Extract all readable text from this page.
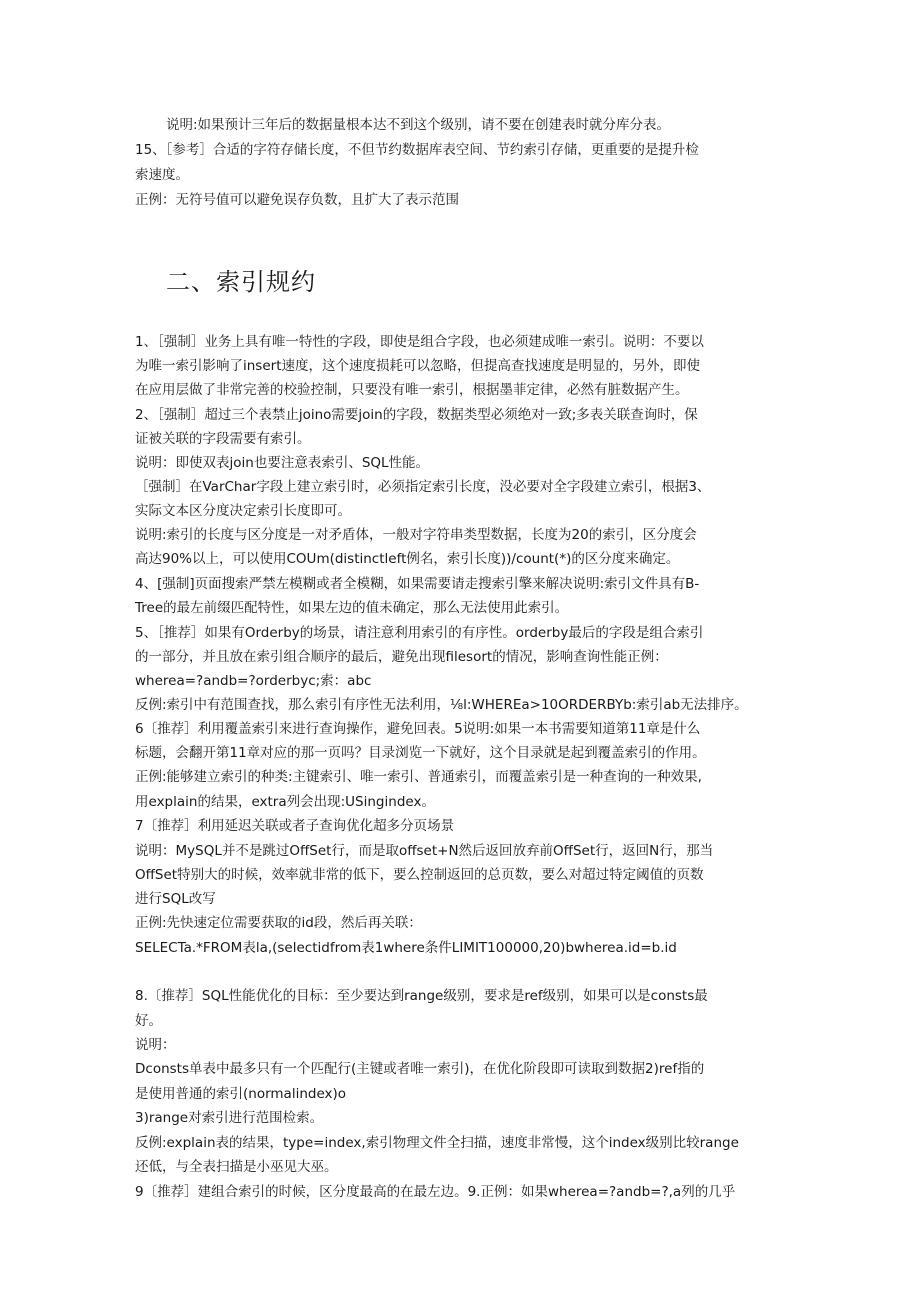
说明:如果预计三年后的数据量根本达不到这个级别，请不要在创建表时就分库分表。
15、［参考］合适的字符存储长度，不但节约数据库表空间、节约索引存储，更重要的是提升检
索速度。
正例：无符号值可以避免误存负数，且扩大了表示范围
二、索引规约
1、［强制］业务上具有唯一特性的字段，即使是组合字段，也必须建成唯一索引。说明：不要以
为唯一索引影响了insert速度，这个速度损耗可以忽略，但提高查找速度是明显的，另外，即使
在应用层做了非常完善的校验控制，只要没有唯一索引，根据墨菲定律，必然有脏数据产生。
2、［强制］超过三个表禁止joino需要join的字段，数据类型必须绝对一致;多表关联查询时，保
证被关联的字段需要有索引。
说明：即使双表join也要注意表索引、SQL性能。
［强制］在VarChar字段上建立索引时，必须指定索引长度，没必要对全字段建立索引，根据3、
实际文本区分度决定索引长度即可。
说明:索引的长度与区分度是一对矛盾体，一般对字符串类型数据，长度为20的索引，区分度会
高达90%以上，可以使用COUm(distinctleft例名，索引长度))∕count(*)的区分度来确定。
4、[强制]页面搜索严禁左模糊或者全模糊，如果需要请走搜索引擎来解决说明:索引文件具有B-
Tree的最左前缀匹配特性，如果左边的值未确定，那么无法使用此索引。
5、［推荐］如果有Orderby的场景，请注意利用索引的有序性。orderby最后的字段是组合索引
的一部分，并且放在索引组合顺序的最后，避免出现filesort的情况，影响查询性能正例：
wherea=?andb=?orderbyc;索：abc
反例:索引中有范围查找，那么索引有序性无法利用，⅛l:WHEREa>10ORDERBYb:索引ab无法排序。
6〔推荐］利用覆盖索引来进行查询操作，避免回表。5说明:如果一本书需要知道第11章是什么
标题，会翻开第11章对应的那一页吗？目录浏览一下就好，这个目录就是起到覆盖索引的作用。
正例:能够建立索引的种类:主键索引、唯一索引、普通索引，而覆盖索引是一种查询的一种效果,
用explain的结果，extra列会出现:USingindex。
7〔推荐］利用延迟关联或者子查询优化超多分页场景
说明：MySQL并不是跳过OffSet行，而是取offset+N然后返回放弃前OffSet行，返回N行，那当
OffSet特别大的时候，效率就非常的低下，要么控制返回的总页数，要么对超过特定阈值的页数
进行SQL改写
正例:先快速定位需要获取的id段，然后再关联：
SELECTa.*FROM表la,(selectidfrom表1where条件LIMIT100000,20)bwherea.id=b.id
8.〔推荐］SQL性能优化的目标：至少要达到range级别，要求是ref级别，如果可以是consts最
好。
说明：
Dconsts单表中最多只有一个匹配行(主键或者唯一索引)，在优化阶段即可读取到数据2)ref指的
是使用普通的索引(normalindex)o
3)range对索引进行范围检索。
反例:explain表的结果，type=index,索引物理文件全扫描，速度非常慢，这个index级别比较range
还低，与全表扫描是小巫见大巫。
9〔推荐］建组合索引的时候，区分度最高的在最左边。9.正例：如果wherea=?andb=?,a列的几乎
